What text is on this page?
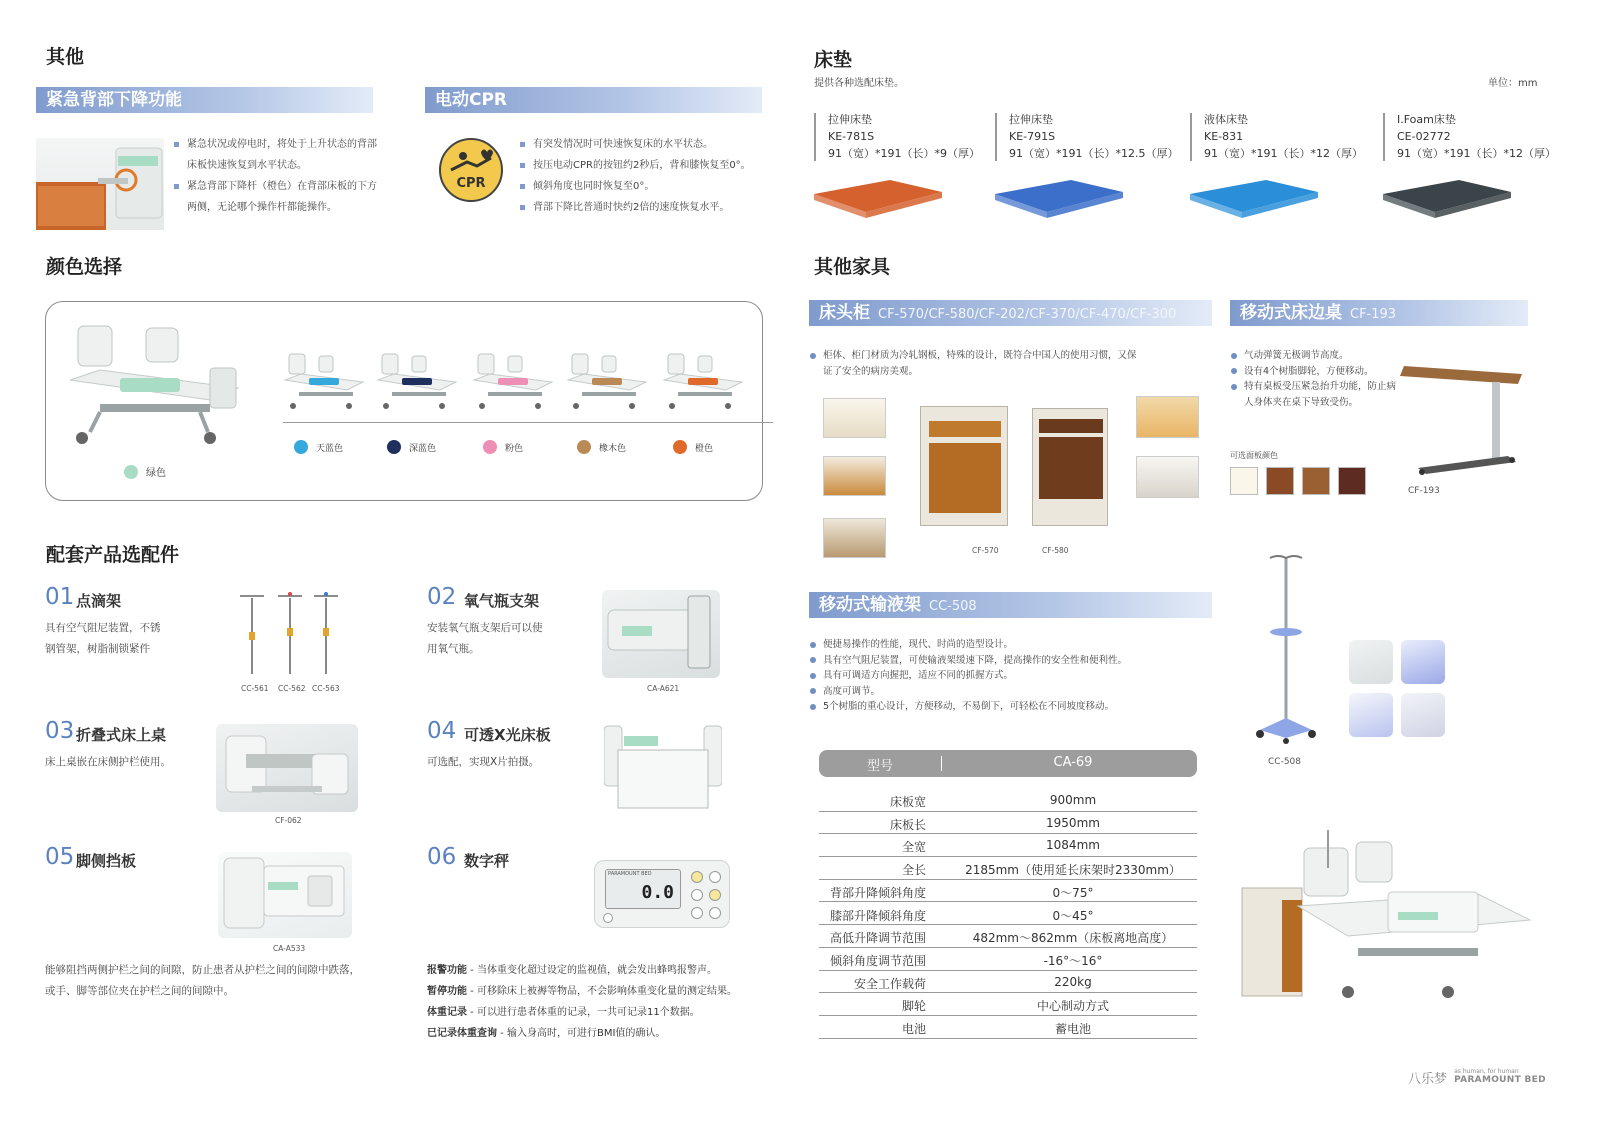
其他
紧急背部下降功能
紧急状况或停电时，将处于上升状态的背部床板快速恢复到水平状态。
紧急背部下降杆（橙色）在背部床板的下方两侧，无论哪个操作杆都能操作。
电动CPR
CPR
有突发情况时可快速恢复床的水平状态。
按压电动CPR的按钮约2秒后，背和膝恢复至0°。
倾斜角度也同时恢复至0°。
背部下降比普通时快约2倍的速度恢复水平。
颜色选择
绿色
天蓝色	深蓝色	粉色	橡木色	橙色
配套产品选配件
01 点滴架
具有空气阻尼装置，不锈钢管架，树脂制锁紧件
CC-561 CC-562 CC-563
02 氧气瓶支架
安装氧气瓶支架后可以使用氧气瓶。
CA-A621
03 折叠式床上桌
床上桌嵌在床侧护栏使用。
CF-062
04 可透X光床板
可选配，实现X片拍摄。
05 脚侧挡板
CA-A533
能够阻挡两侧护栏之间的间隙，防止患者从护栏之间的间隙中跌落，或手、脚等部位夹在护栏之间的间隙中。
06 数字秤
PARAMOUNT BED
0.0
报警功能 - 当体重变化超过设定的监视值，就会发出蜂鸣报警声。
暂停功能 - 可移除床上被褥等物品，不会影响体重变化量的测定结果。
体重记录 - 可以进行患者体重的记录，一共可记录11个数据。
已记录体重查询 - 输入身高时，可进行BMI值的确认。
床垫
提供各种选配床垫。	单位：mm
拉伸床垫
KE-781S
91（宽）*191（长）*9（厚）
拉伸床垫
KE-791S
91（宽）*191（长）*12.5（厚）
液体床垫
KE-831
91（宽）*191（长）*12（厚）
I.Foam床垫
CE-02772
91（宽）*191（长）*12（厚）
其他家具
床头柜 CF-570/CF-580/CF-202/CF-370/CF-470/CF-300
柜体、柜门材质为冷轧钢板，特殊的设计，既符合中国人的使用习惯，又保证了安全的病房美观。
CF-570	CF-580
移动式床边桌 CF-193
气动弹簧无极调节高度。
设有4个树脂脚轮，方便移动。
特有桌板受压紧急抬升功能，防止病人身体夹在桌下导致受伤。
可选面板颜色
CF-193
移动式输液架 CC-508
便捷易操作的性能，现代、时尚的造型设计。
具有空气阻尼装置，可使输液架缓速下降，提高操作的安全性和便利性。
具有可调适方向握把，适应不同的抓握方式。
高度可调节。
5个树脂的重心设计，方便移动，不易倒下，可轻松在不同坡度移动。
CC-508
型号	CA-69
床板宽	900mm
床板长	1950mm
全宽	1084mm
全长	2185mm（使用延长床架时2330mm）
背部升降倾斜角度	0～75°
膝部升降倾斜角度	0～45°
高低升降调节范围	482mm～862mm（床板离地高度）
倾斜角度调节范围	-16°～16°
安全工作载荷	220kg
脚轮	中心制动方式
电池	蓄电池
八乐梦
as human, for human
PARAMOUNT BED
